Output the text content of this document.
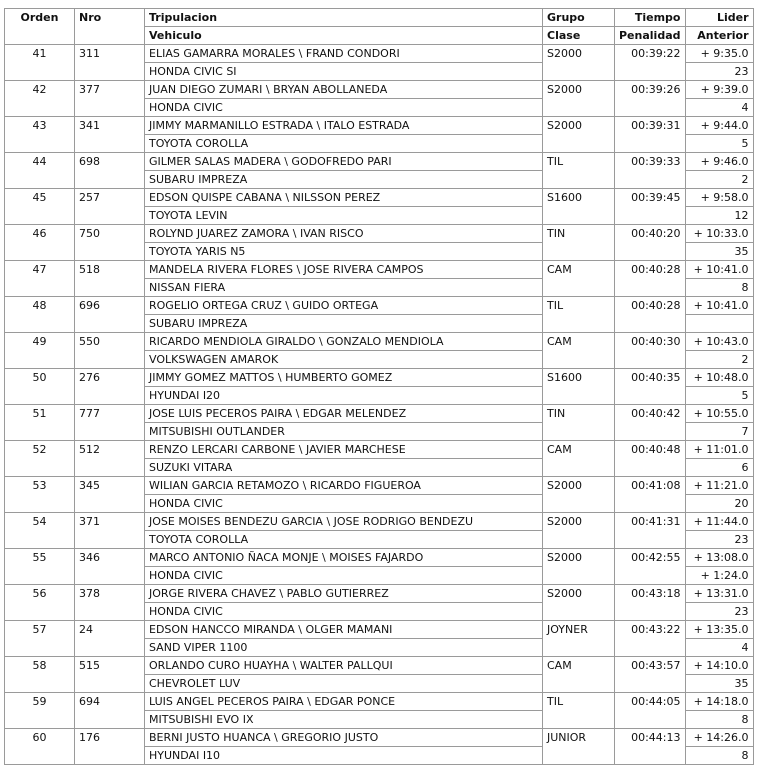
Orden	Nro	Tripulacion	Grupo	Tiempo	Lider
		Vehiculo	Clase	Penalidad	Anterior
41	311	ELIAS GAMARRA MORALES \ FRAND CONDORI	S2000	00:39:22	+ 9:35.0
		HONDA CIVIC SI			23
42	377	JUAN DIEGO ZUMARI \ BRYAN ABOLLANEDA	S2000	00:39:26	+ 9:39.0
		HONDA CIVIC			4
43	341	JIMMY MARMANILLO ESTRADA \ ITALO ESTRADA	S2000	00:39:31	+ 9:44.0
		TOYOTA COROLLA			5
44	698	GILMER SALAS MADERA \ GODOFREDO PARI	TIL	00:39:33	+ 9:46.0
		SUBARU IMPREZA			2
45	257	EDSON QUISPE CABANA \ NILSSON PEREZ	S1600	00:39:45	+ 9:58.0
		TOYOTA LEVIN			12
46	750	ROLYND JUAREZ ZAMORA \ IVAN RISCO	TIN	00:40:20	+ 10:33.0
		TOYOTA YARIS N5			35
47	518	MANDELA RIVERA FLORES \ JOSE RIVERA CAMPOS	CAM	00:40:28	+ 10:41.0
		NISSAN FIERA			8
48	696	ROGELIO ORTEGA CRUZ \ GUIDO ORTEGA	TIL	00:40:28	+ 10:41.0
		SUBARU IMPREZA			
49	550	RICARDO MENDIOLA GIRALDO \ GONZALO MENDIOLA	CAM	00:40:30	+ 10:43.0
		VOLKSWAGEN AMAROK			2
50	276	JIMMY GOMEZ MATTOS \ HUMBERTO GOMEZ	S1600	00:40:35	+ 10:48.0
		HYUNDAI I20			5
51	777	JOSE LUIS PECEROS PAIRA \ EDGAR MELENDEZ	TIN	00:40:42	+ 10:55.0
		MITSUBISHI OUTLANDER			7
52	512	RENZO LERCARI CARBONE \ JAVIER MARCHESE	CAM	00:40:48	+ 11:01.0
		SUZUKI VITARA			6
53	345	WILIAN GARCIA RETAMOZO \ RICARDO FIGUEROA	S2000	00:41:08	+ 11:21.0
		HONDA CIVIC			20
54	371	JOSE MOISES BENDEZU GARCIA \ JOSE RODRIGO BENDEZU	S2000	00:41:31	+ 11:44.0
		TOYOTA COROLLA			23
55	346	MARCO ANTONIO ÑACA MONJE \ MOISES FAJARDO	S2000	00:42:55	+ 13:08.0
		HONDA CIVIC			+ 1:24.0
56	378	JORGE RIVERA CHAVEZ \ PABLO GUTIERREZ	S2000	00:43:18	+ 13:31.0
		HONDA CIVIC			23
57	24	EDSON HANCCO MIRANDA \ OLGER MAMANI	JOYNER	00:43:22	+ 13:35.0
		SAND VIPER 1100			4
58	515	ORLANDO CURO HUAYHA \ WALTER PALLQUI	CAM	00:43:57	+ 14:10.0
		CHEVROLET LUV			35
59	694	LUIS ANGEL PECEROS PAIRA \ EDGAR PONCE	TIL	00:44:05	+ 14:18.0
		MITSUBISHI EVO IX			8
60	176	BERNI JUSTO HUANCA \ GREGORIO JUSTO	JUNIOR	00:44:13	+ 14:26.0
		HYUNDAI I10			8
